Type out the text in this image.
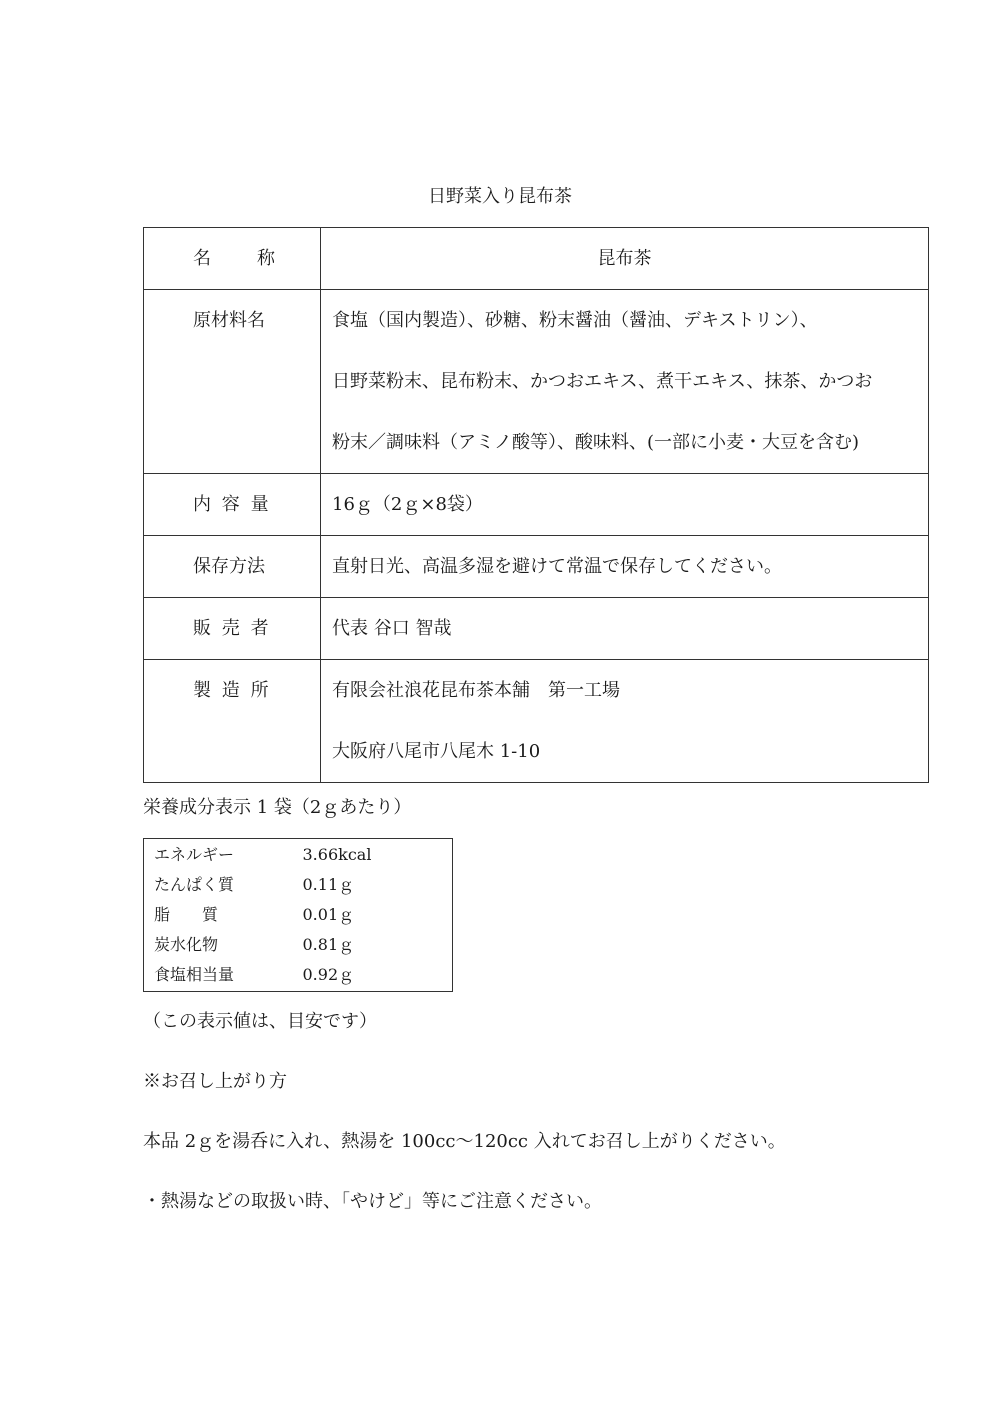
日野菜入り昆布茶
名 称	昆布茶
原材料名	食塩（国内製造）、砂糖、粉末醤油（醤油、デキストリン）、
日野菜粉末、昆布粉末、かつおエキス、煮干エキス、抹茶、かつお
粉末／調味料（アミノ酸等）、酸味料、(一部に小麦・大豆を含む)

内容量	16ｇ（2ｇ×8袋）
保存方法	直射日光、高温多湿を避けて常温で保存してください。
販売者	代表 谷口 智哉
製造所	有限会社浪花昆布茶本舗　第一工場
大阪府八尾市八尾木 1-10

栄養成分表示 1 袋（2ｇあたり）

エネルギー	3.66kcal
たんぱく質	0.11ｇ
脂　　質	0.01ｇ
炭水化物	0.81ｇ
食塩相当量	0.92ｇ

（この表示値は、目安です）

※お召し上がり方

本品 2ｇを湯呑に入れ、熱湯を 100cc～120cc 入れてお召し上がりください。

・熱湯などの取扱い時、「やけど」等にご注意ください。
